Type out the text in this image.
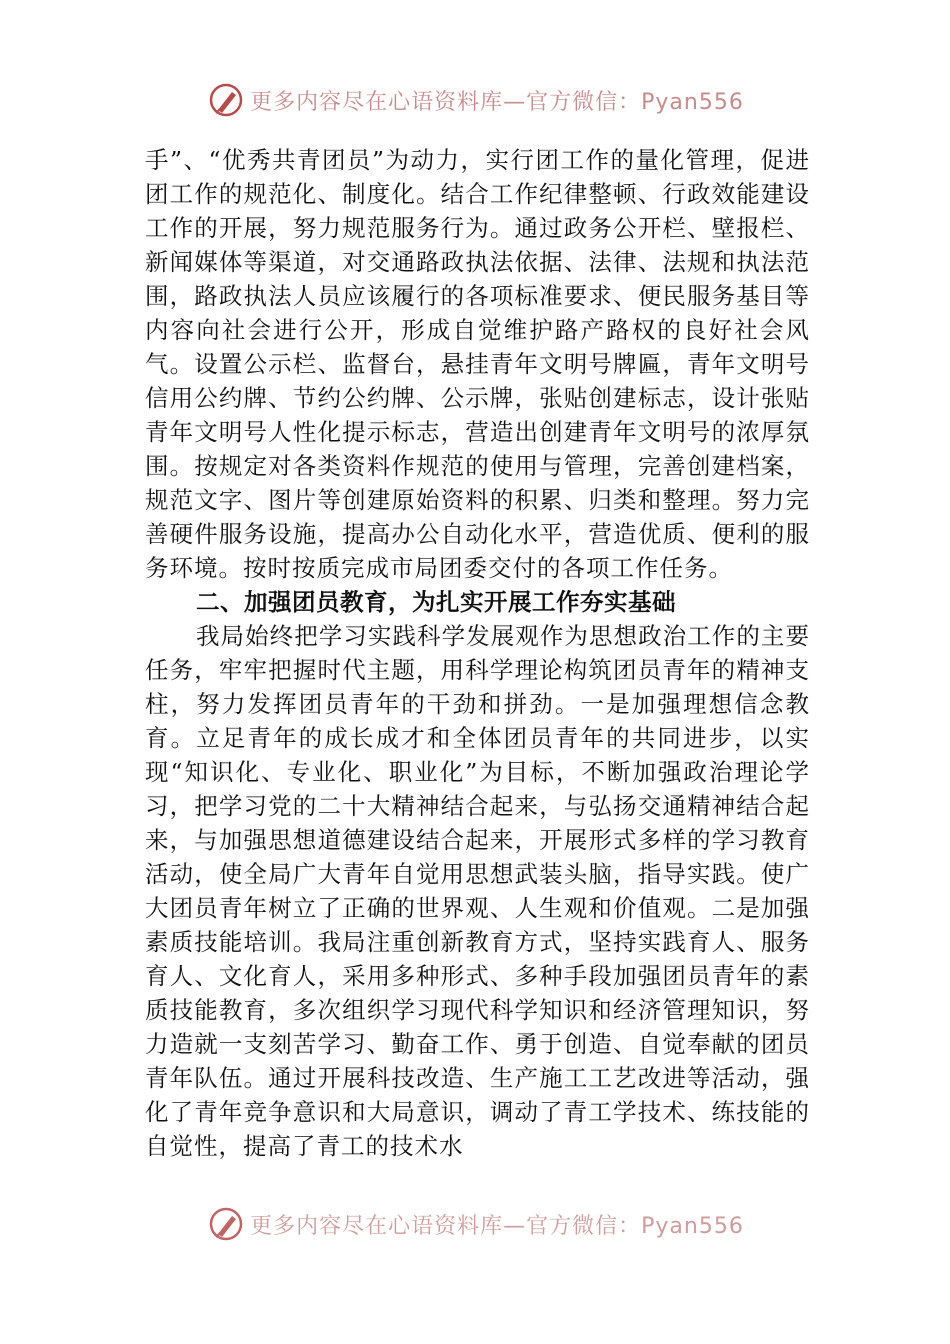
更多内容尽在心语资料库—官方微信：Pyan556

手”、“优秀共青团员”为动力，实行团工作的量化管理，促进团工作的规范化、制度化。结合工作纪律整顿、行政效能建设工作的开展，努力规范服务行为。通过政务公开栏、壁报栏、新闻媒体等渠道，对交通路政执法依据、法律、法规和执法范围，路政执法人员应该履行的各项标准要求、便民服务基目等内容向社会进行公开，形成自觉维护路产路权的良好社会风气。设置公示栏、监督台，悬挂青年文明号牌匾，青年文明号信用公约牌、节约公约牌、公示牌，张贴创建标志，设计张贴青年文明号人性化提示标志，营造出创建青年文明号的浓厚氛围。按规定对各类资料作规范的使用与管理，完善创建档案，规范文字、图片等创建原始资料的积累、归类和整理。努力完善硬件服务设施，提高办公自动化水平，营造优质、便利的服务环境。按时按质完成市局团委交付的各项工作任务。

二、加强团员教育，为扎实开展工作夯实基础

我局始终把学习实践科学发展观作为思想政治工作的主要任务，牢牢把握时代主题，用科学理论构筑团员青年的精神支柱，努力发挥团员青年的干劲和拼劲。一是加强理想信念教育。立足青年的成长成才和全体团员青年的共同进步，以实现“知识化、专业化、职业化”为目标，不断加强政治理论学习，把学习党的二十大精神结合起来，与弘扬交通精神结合起来，与加强思想道德建设结合起来，开展形式多样的学习教育活动，使全局广大青年自觉用思想武装头脑，指导实践。使广大团员青年树立了正确的世界观、人生观和价值观。二是加强素质技能培训。我局注重创新教育方式，坚持实践育人、服务育人、文化育人，采用多种形式、多种手段加强团员青年的素质技能教育，多次组织学习现代科学知识和经济管理知识，努力造就一支刻苦学习、勤奋工作、勇于创造、自觉奉献的团员青年队伍。通过开展科技改造、生产施工工艺改进等活动，强化了青年竞争意识和大局意识，调动了青工学技术、练技能的自觉性，提高了青工的技术水

更多内容尽在心语资料库—官方微信：Pyan556
